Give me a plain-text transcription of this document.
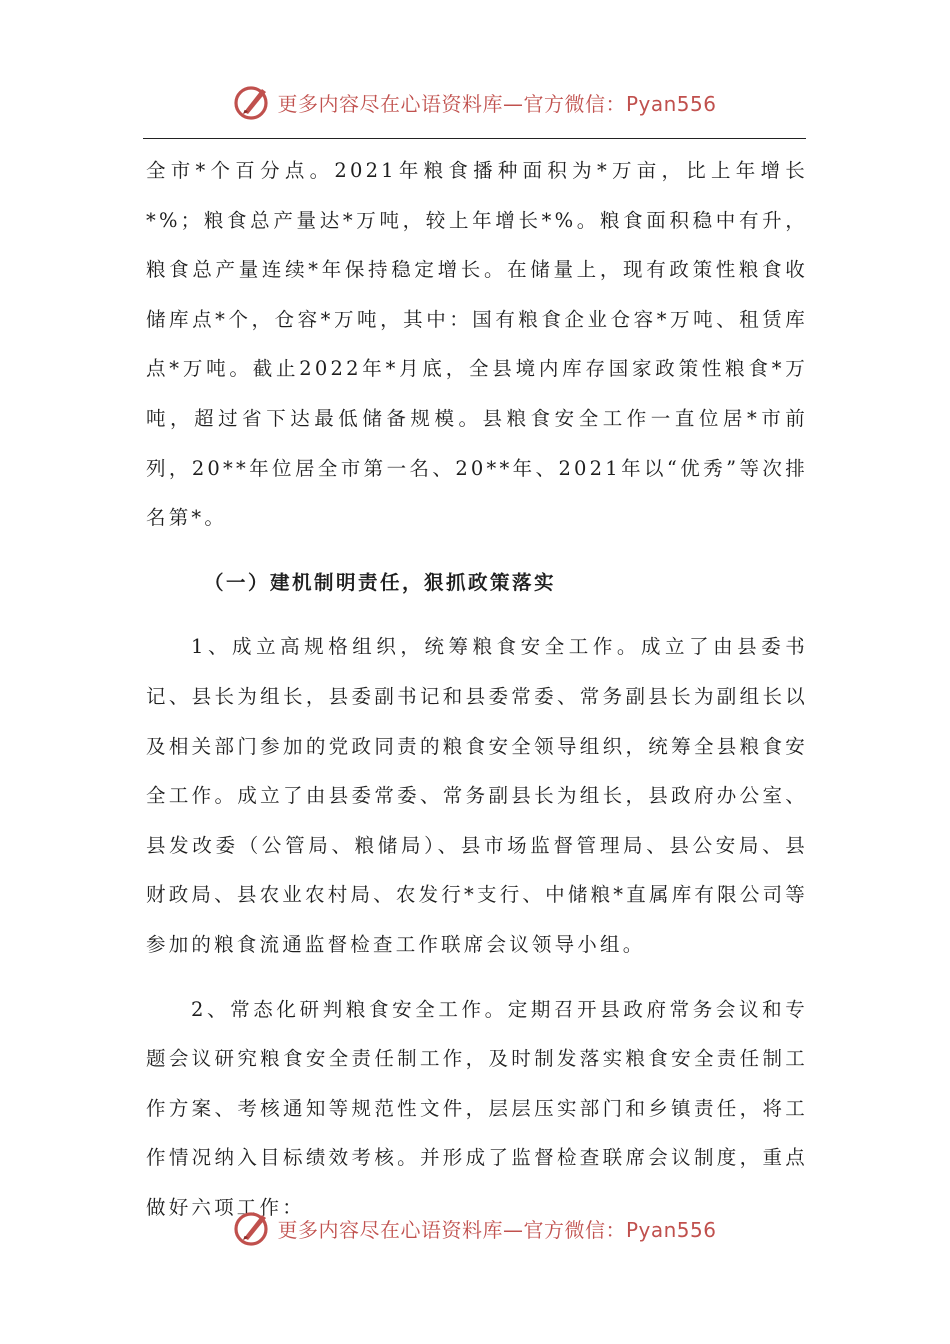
更多内容尽在心语资料库—官方微信：Pyan556

全市*个百分点。2021年粮食播种面积为*万亩，比上年增长*%；粮食总产量达*万吨，较上年增长*%。粮食面积稳中有升，粮食总产量连续*年保持稳定增长。在储量上，现有政策性粮食收储库点*个，仓容*万吨，其中：国有粮食企业仓容*万吨、租赁库点*万吨。截止2022年*月底，全县境内库存国家政策性粮食*万吨，超过省下达最低储备规模。县粮食安全工作一直位居*市前列，20**年位居全市第一名、20**年、2021年以“优秀”等次排名第*。

（一）建机制明责任，狠抓政策落实

1、成立高规格组织，统筹粮食安全工作。成立了由县委书记、县长为组长，县委副书记和县委常委、常务副县长为副组长以及相关部门参加的党政同责的粮食安全领导组织，统筹全县粮食安全工作。成立了由县委常委、常务副县长为组长，县政府办公室、县发改委（公管局、粮储局）、县市场监督管理局、县公安局、县财政局、县农业农村局、农发行*支行、中储粮*直属库有限公司等参加的粮食流通监督检查工作联席会议领导小组。

2、常态化研判粮食安全工作。定期召开县政府常务会议和专题会议研究粮食安全责任制工作，及时制发落实粮食安全责任制工作方案、考核通知等规范性文件，层层压实部门和乡镇责任，将工作情况纳入目标绩效考核。并形成了监督检查联席会议制度，重点做好六项工作：

更多内容尽在心语资料库—官方微信：Pyan556
